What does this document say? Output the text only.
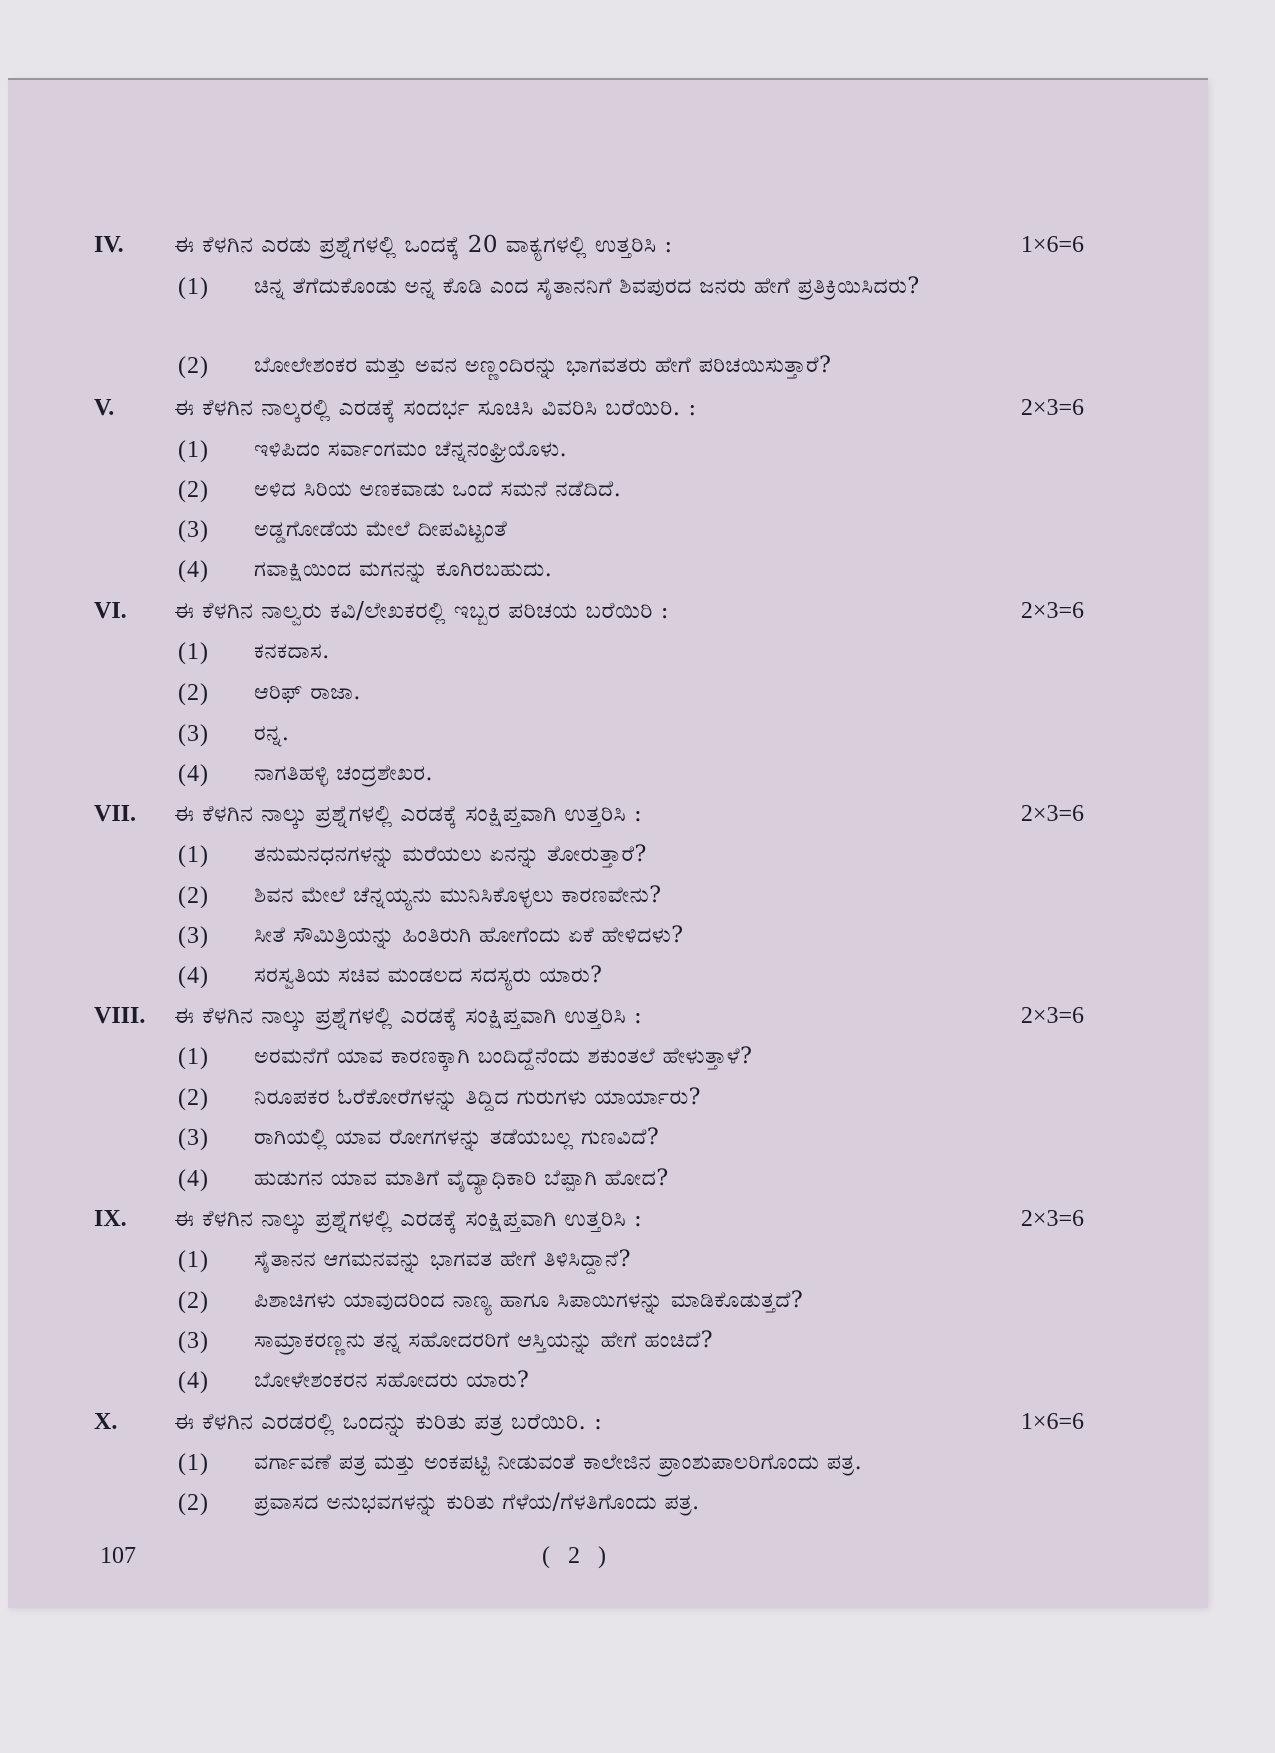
IV.	ಈ ಕೆಳಗಿನ ಎರಡು ಪ್ರಶ್ನೆಗಳಲ್ಲಿ ಒಂದಕ್ಕೆ 20 ವಾಕ್ಯಗಳಲ್ಲಿ ಉತ್ತರಿಸಿ :	1×6=6
(1)	ಚಿನ್ನ ತೆಗೆದುಕೊಂಡು ಅನ್ನ ಕೊಡಿ ಎಂದ ಸೈತಾನನಿಗೆ ಶಿವಪುರದ ಜನರು ಹೇಗೆ ಪ್ರತಿಕ್ರಿಯಿಸಿದರು?
(2)	ಬೋಲೇಶಂಕರ ಮತ್ತು ಅವನ ಅಣ್ಣಂದಿರನ್ನು ಭಾಗವತರು ಹೇಗೆ ಪರಿಚಯಿಸುತ್ತಾರೆ?
V.	ಈ ಕೆಳಗಿನ ನಾಲ್ಕರಲ್ಲಿ ಎರಡಕ್ಕೆ ಸಂದರ್ಭ ಸೂಚಿಸಿ ವಿವರಿಸಿ ಬರೆಯಿರಿ. :	2×3=6
(1)	ಇಳಿಪಿದಂ ಸರ್ವಾಂಗಮಂ ಚೆನ್ನನಂಘ್ರಿಯೊಳು.
(2)	ಅಳಿದ ಸಿರಿಯ ಅಣಕವಾಡು ಒಂದೆ ಸಮನೆ ನಡೆದಿದೆ.
(3)	ಅಡ್ಡಗೋಡೆಯ ಮೇಲೆ ದೀಪವಿಟ್ಟಂತೆ
(4)	ಗವಾಕ್ಷಿಯಿಂದ ಮಗನನ್ನು ಕೂಗಿರಬಹುದು.
VI.	ಈ ಕೆಳಗಿನ ನಾಲ್ವರು ಕವಿ/ಲೇಖಕರಲ್ಲಿ ಇಬ್ಬರ ಪರಿಚಯ ಬರೆಯಿರಿ :	2×3=6
(1)	ಕನಕದಾಸ.
(2)	ಆರಿಫ್ ರಾಜಾ.
(3)	ರನ್ನ.
(4)	ನಾಗತಿಹಳ್ಳಿ ಚಂದ್ರಶೇಖರ.
VII.	ಈ ಕೆಳಗಿನ ನಾಲ್ಕು ಪ್ರಶ್ನೆಗಳಲ್ಲಿ ಎರಡಕ್ಕೆ ಸಂಕ್ಷಿಪ್ತವಾಗಿ ಉತ್ತರಿಸಿ :	2×3=6
(1)	ತನುಮನಧನಗಳನ್ನು ಮರೆಯಲು ಏನನ್ನು ತೋರುತ್ತಾರೆ?
(2)	ಶಿವನ ಮೇಲೆ ಚೆನ್ನಯ್ಯನು ಮುನಿಸಿಕೊಳ್ಳಲು ಕಾರಣವೇನು?
(3)	ಸೀತೆ ಸೌಮಿತ್ರಿಯನ್ನು ಹಿಂತಿರುಗಿ ಹೋಗೆಂದು ಏಕೆ ಹೇಳಿದಳು?
(4)	ಸರಸ್ವತಿಯ ಸಚಿವ ಮಂಡಲದ ಸದಸ್ಯರು ಯಾರು?
VIII.	ಈ ಕೆಳಗಿನ ನಾಲ್ಕು ಪ್ರಶ್ನೆಗಳಲ್ಲಿ ಎರಡಕ್ಕೆ ಸಂಕ್ಷಿಪ್ತವಾಗಿ ಉತ್ತರಿಸಿ :	2×3=6
(1)	ಅರಮನೆಗೆ ಯಾವ ಕಾರಣಕ್ಕಾಗಿ ಬಂದಿದ್ದೆನೆಂದು ಶಕುಂತಲೆ ಹೇಳುತ್ತಾಳೆ?
(2)	ನಿರೂಪಕರ ಓರೆಕೋರೆಗಳನ್ನು ತಿದ್ದಿದ ಗುರುಗಳು ಯಾರ್ಯಾರು?
(3)	ರಾಗಿಯಲ್ಲಿ ಯಾವ ರೋಗಗಳನ್ನು ತಡೆಯಬಲ್ಲ ಗುಣವಿದೆ?
(4)	ಹುಡುಗನ ಯಾವ ಮಾತಿಗೆ ವೈದ್ಯಾಧಿಕಾರಿ ಬೆಪ್ಪಾಗಿ ಹೋದ?
IX.	ಈ ಕೆಳಗಿನ ನಾಲ್ಕು ಪ್ರಶ್ನೆಗಳಲ್ಲಿ ಎರಡಕ್ಕೆ ಸಂಕ್ಷಿಪ್ತವಾಗಿ ಉತ್ತರಿಸಿ :	2×3=6
(1)	ಸೈತಾನನ ಆಗಮನವನ್ನು ಭಾಗವತ ಹೇಗೆ ತಿಳಿಸಿದ್ದಾನೆ?
(2)	ಪಿಶಾಚಿಗಳು ಯಾವುದರಿಂದ ನಾಣ್ಯ ಹಾಗೂ ಸಿಪಾಯಿಗಳನ್ನು ಮಾಡಿಕೊಡುತ್ತದೆ?
(3)	ಸಾಮ್ರಾಕರಣ್ಣನು ತನ್ನ ಸಹೋದರರಿಗೆ ಆಸ್ತಿಯನ್ನು ಹೇಗೆ ಹಂಚಿದೆ?
(4)	ಬೋಳೇಶಂಕರನ ಸಹೋದರು ಯಾರು?
X.	ಈ ಕೆಳಗಿನ ಎರಡರಲ್ಲಿ ಒಂದನ್ನು ಕುರಿತು ಪತ್ರ ಬರೆಯಿರಿ. :	1×6=6
(1)	ವರ್ಗಾವಣೆ ಪತ್ರ ಮತ್ತು ಅಂಕಪಟ್ಟಿ ನೀಡುವಂತೆ ಕಾಲೇಜಿನ ಪ್ರಾಂಶುಪಾಲರಿಗೊಂದು ಪತ್ರ.
(2)	ಪ್ರವಾಸದ ಅನುಭವಗಳನ್ನು ಕುರಿತು ಗೆಳೆಯ/ಗೆಳತಿಗೊಂದು ಪತ್ರ.
107	( 2 )
